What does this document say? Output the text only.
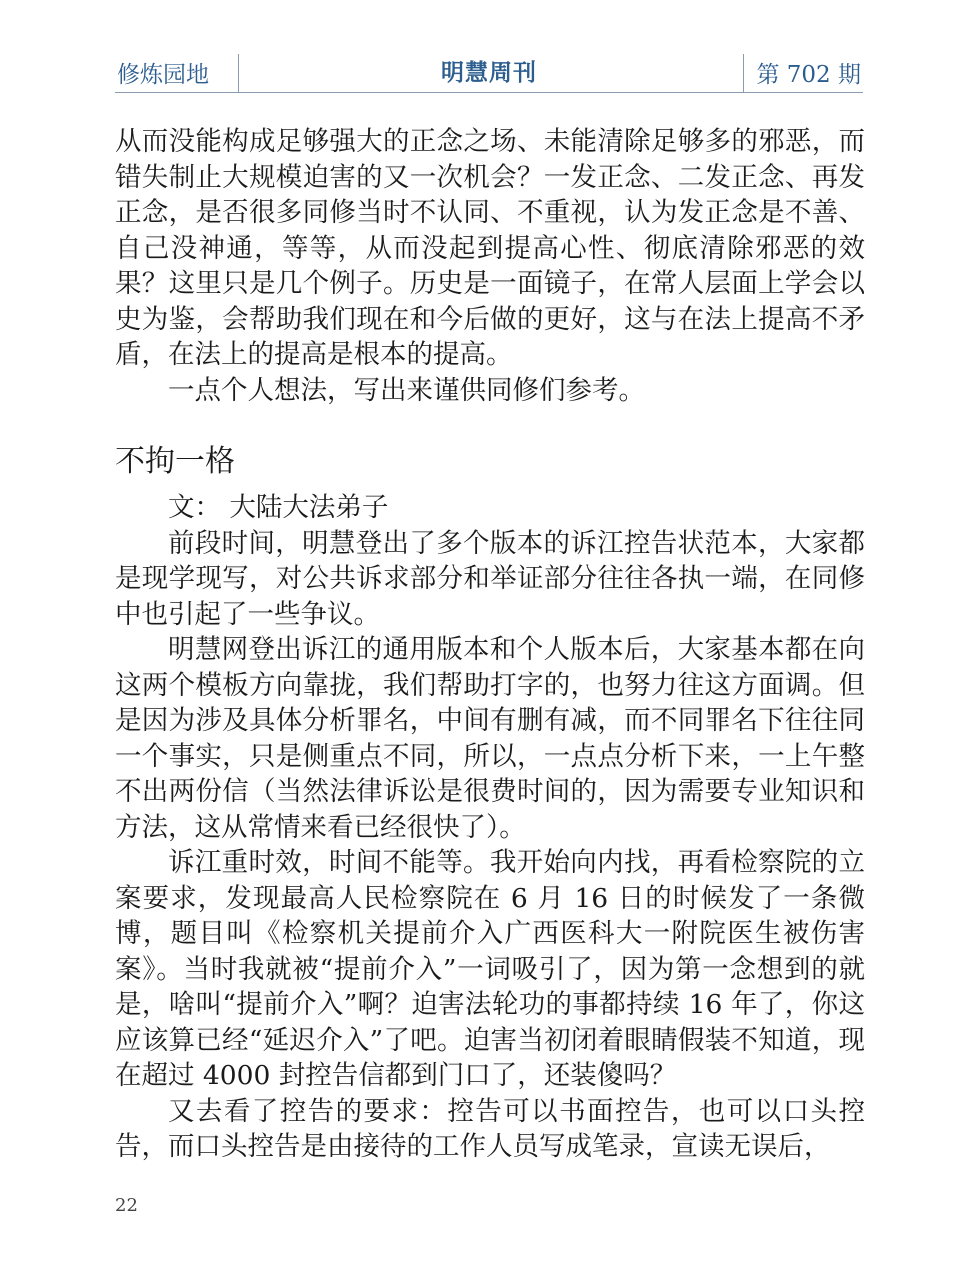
修炼园地	明慧周刊	第 702 期

从而没能构成足够强大的正念之场、未能清除足够多的邪恶，而错失制止大规模迫害的又一次机会？一发正念、二发正念、再发正念，是否很多同修当时不认同、不重视，认为发正念是不善、自己没神通，等等，从而没起到提高心性、彻底清除邪恶的效果？这里只是几个例子。历史是一面镜子，在常人层面上学会以史为鉴，会帮助我们现在和今后做的更好，这与在法上提高不矛盾，在法上的提高是根本的提高。

一点个人想法，写出来谨供同修们参考。

不拘一格

文： 大陆大法弟子

前段时间，明慧登出了多个版本的诉江控告状范本，大家都是现学现写，对公共诉求部分和举证部分往往各执一端，在同修中也引起了一些争议。

明慧网登出诉江的通用版本和个人版本后，大家基本都在向这两个模板方向靠拢，我们帮助打字的，也努力往这方面调。但是因为涉及具体分析罪名，中间有删有减，而不同罪名下往往同一个事实，只是侧重点不同，所以，一点点分析下来，一上午整不出两份信（当然法律诉讼是很费时间的，因为需要专业知识和方法，这从常情来看已经很快了）。

诉江重时效，时间不能等。我开始向内找，再看检察院的立案要求，发现最高人民检察院在 6 月 16 日的时候发了一条微博，题目叫《检察机关提前介入广西医科大一附院医生被伤害案》。当时我就被“提前介入”一词吸引了，因为第一念想到的就是，啥叫“提前介入”啊？迫害法轮功的事都持续 16 年了，你这应该算已经“延迟介入”了吧。迫害当初闭着眼睛假装不知道，现在超过 4000 封控告信都到门口了，还装傻吗？

又去看了控告的要求：控告可以书面控告，也可以口头控告，而口头控告是由接待的工作人员写成笔录，宣读无误后，

22
